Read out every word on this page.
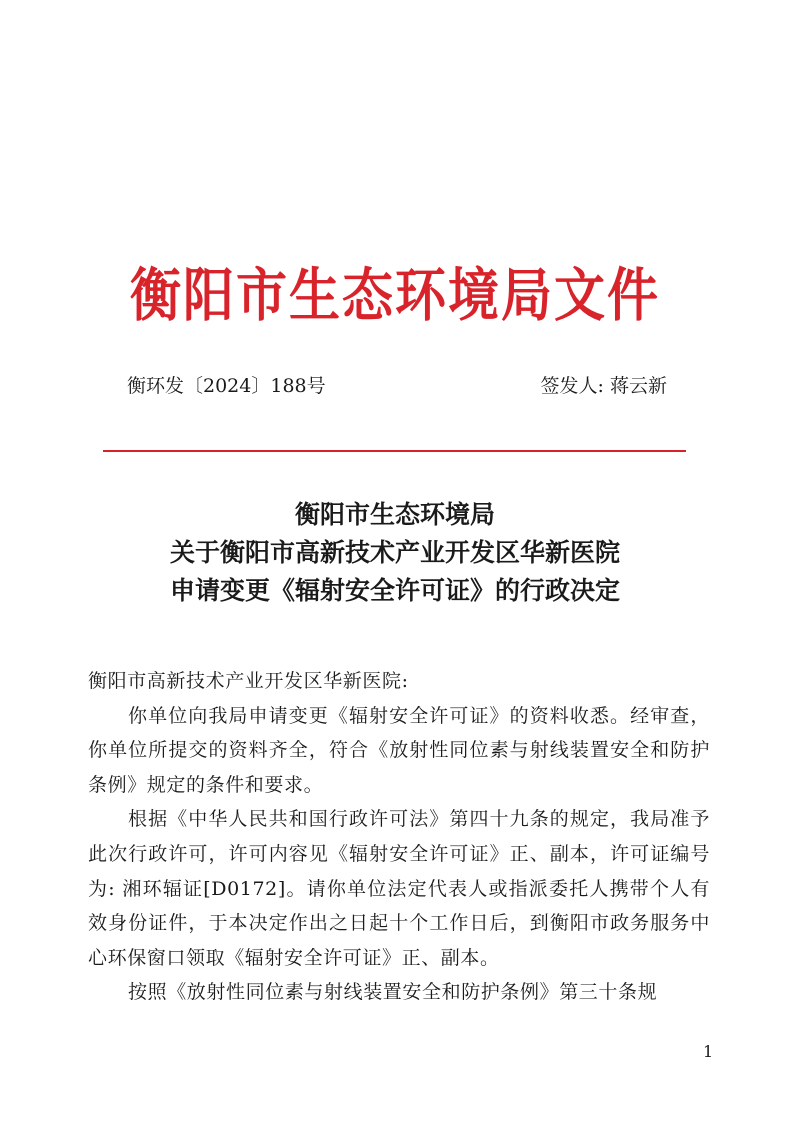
衡阳市生态环境局文件
衡环发〔2024〕188号	签发人: 蒋云新
衡阳市生态环境局
关于衡阳市高新技术产业开发区华新医院
申请变更《辐射安全许可证》的行政决定
衡阳市高新技术产业开发区华新医院:

你单位向我局申请变更《辐射安全许可证》的资料收悉。经审查，你单位所提交的资料齐全，符合《放射性同位素与射线装置安全和防护条例》规定的条件和要求。

根据《中华人民共和国行政许可法》第四十九条的规定，我局准予此次行政许可，许可内容见《辐射安全许可证》正、副本，许可证编号为: 湘环辐证[D0172]。请你单位法定代表人或指派委托人携带个人有效身份证件，于本决定作出之日起十个工作日后，到衡阳市政务服务中心环保窗口领取《辐射安全许可证》正、副本。

按照《放射性同位素与射线装置安全和防护条例》第三十条规

1
